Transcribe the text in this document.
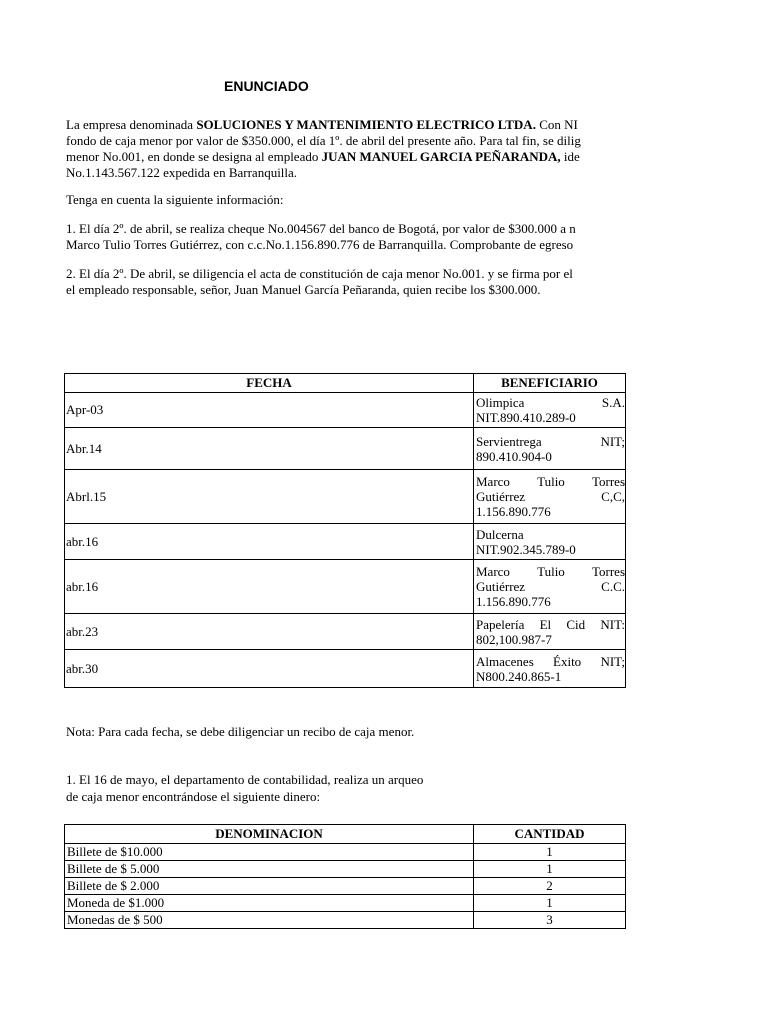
ENUNCIADO
La empresa denominada SOLUCIONES Y MANTENIMIENTO ELECTRICO LTDA. Con NI
fondo de caja menor por valor de $350.000, el día 1º. de abril del presente año. Para tal fin, se dilig
menor No.001, en donde se designa al empleado JUAN MANUEL GARCIA PEÑARANDA, ide
No.1.143.567.122 expedida en Barranquilla.
Tenga en cuenta la siguiente información:
1. El día 2º. de abril, se realiza cheque No.004567 del banco de Bogotá, por valor de $300.000 a n
Marco Tulio Torres Gutiérrez, con c.c.No.1.156.890.776 de Barranquilla. Comprobante de egreso
2. El día 2º. De abril, se diligencia el acta de constitución de caja menor No.001. y se firma por el
el empleado responsable, señor, Juan Manuel García Peñaranda, quien recibe los $300.000.
FECHA	BENEFICIARIO
Apr-03	Olimpica S.A.
NIT.890.410.289-0

Abr.14	Servientrega NIT;
890.410.904-0

Abrl.15	Marco Tulio Torres
Gutiérrez C,C,
1.156.890.776

abr.16	Dulcerna
NIT.902.345.789-0

abr.16	Marco Tulio Torres
Gutiérrez C.C.
1.156.890.776

abr.23	Papelería El Cid NIT:
802,100.987-7

abr.30	Almacenes Éxito NIT;
N800.240.865-1
Nota: Para cada fecha, se debe diligenciar un recibo de caja menor.
1. El 16 de mayo, el departamento de contabilidad, realiza un arqueo
de caja menor encontrándose el siguiente dinero:
DENOMINACION	CANTIDAD
Billete de $10.000	1
Billete de $ 5.000	1
Billete de $ 2.000	2
Moneda de $1.000	1
Monedas de $ 500	3
